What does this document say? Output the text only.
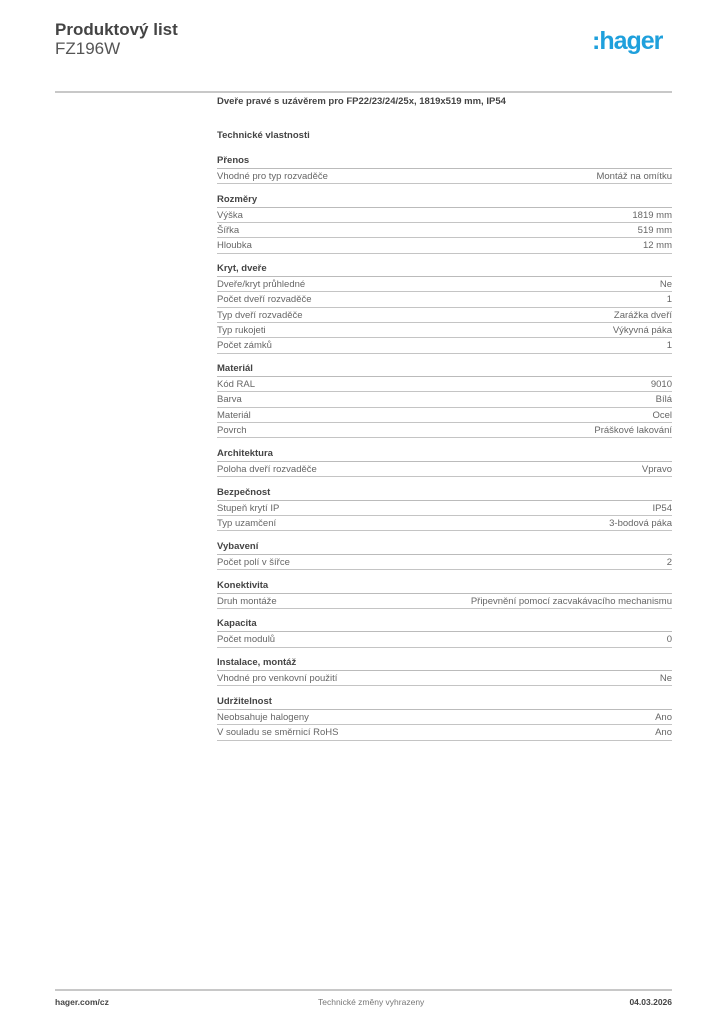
Produktový list
FZ196W	:hager
Dveře pravé s uzávěrem pro FP22/23/24/25x, 1819x519 mm, IP54
Technické vlastnosti
Přenos
Vhodné pro typ rozvaděče	Montáž na omítku
Rozměry
Výška	1819 mm
Šířka	519 mm
Hloubka	12 mm
Kryt, dveře
Dveře/kryt průhledné	Ne
Počet dveří rozvaděče	1
Typ dveří rozvaděče	Zarážka dveří
Typ rukojeti	Výkyvná páka
Počet zámků	1
Materiál
Kód RAL	9010
Barva	Bílá
Materiál	Ocel
Povrch	Práškové lakování
Architektura
Poloha dveří rozvaděče	Vpravo
Bezpečnost
Stupeň krytí IP	IP54
Typ uzamčení	3-bodová páka
Vybavení
Počet polí v šířce	2
Konektivita
Druh montáže	Připevnění pomocí zacvakávacího mechanismu
Kapacita
Počet modulů	0
Instalace, montáž
Vhodné pro venkovní použití	Ne
Udržitelnost
Neobsahuje halogeny	Ano
V souladu se směrnicí RoHS	Ano
hager.com/cz	Technické změny vyhrazeny	04.03.2026
